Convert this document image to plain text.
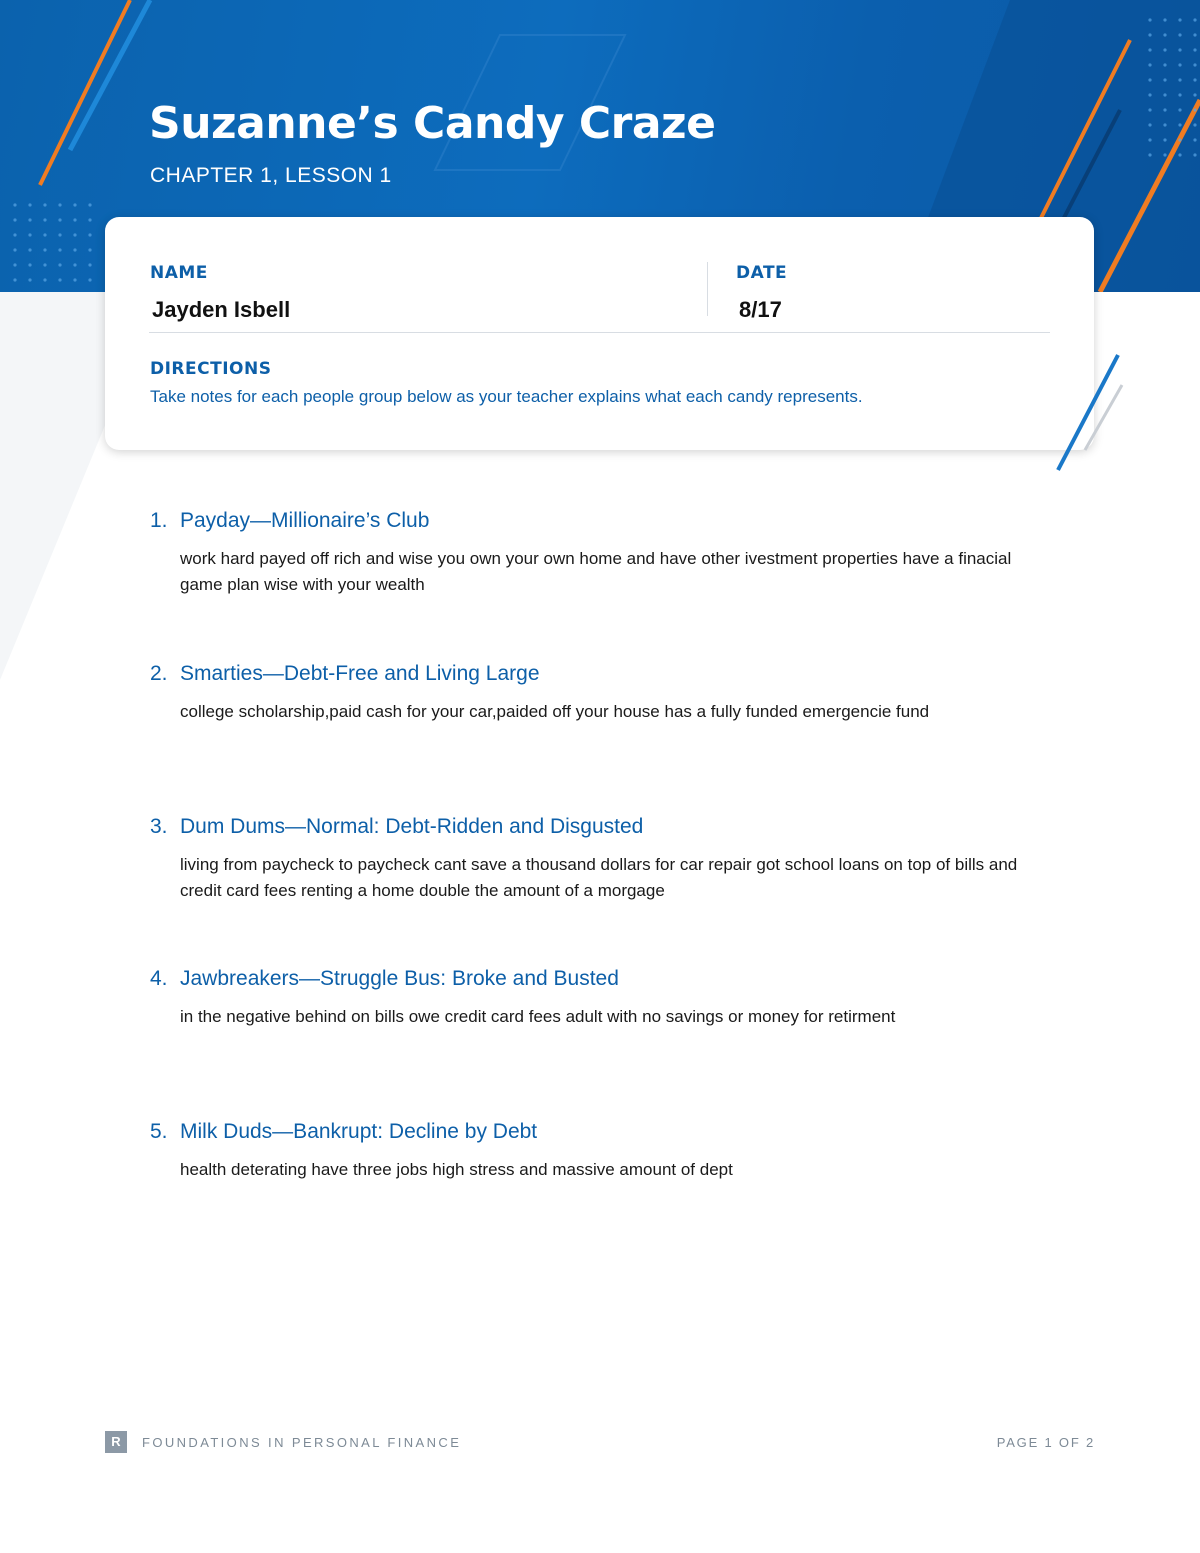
Suzanne’s Candy Craze
CHAPTER 1, LESSON 1
NAME
Jayden Isbell
DATE
8/17
DIRECTIONS
Take notes for each people group below as your teacher explains what each candy represents.
1. Payday—Millionaire’s Club
work hard payed off rich and wise you own your own home and have other ivestment properties have a finacial game plan wise with your wealth
2. Smarties—Debt-Free and Living Large
college scholarship,paid cash for your car,paided off your house has a fully funded emergencie fund
3. Dum Dums—Normal: Debt-Ridden and Disgusted
living from paycheck to paycheck cant save a thousand dollars for car repair got school loans on top of bills and credit card fees renting a home double the amount of a morgage
4. Jawbreakers—Struggle Bus: Broke and Busted
in the negative behind on bills owe credit card fees adult with no savings or money for retirment
5. Milk Duds—Bankrupt: Decline by Debt
health deterating have three jobs high stress and massive amount of dept
R	FOUNDATIONS IN PERSONAL FINANCE	PAGE 1 OF 2
